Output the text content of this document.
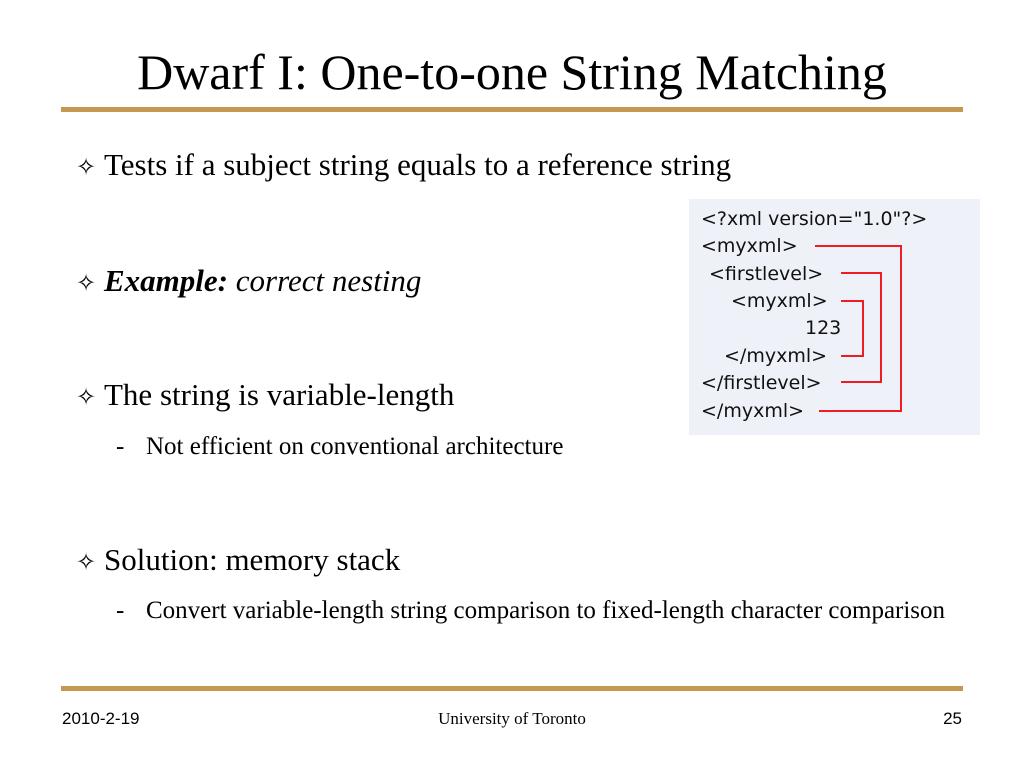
Dwarf I: One-to-one String Matching
✧ Tests if a subject string equals to a reference string
✧ Example: correct nesting
✧ The string is variable-length
- Not efficient on conventional architecture
✧ Solution: memory stack
- Convert variable-length string comparison to fixed-length character comparison
<?xml version="1.0"?>
<myxml>
<firstlevel>
<myxml>
123
</myxml>
</firstlevel>
</myxml>
2010-2-19	University of Toronto	25
